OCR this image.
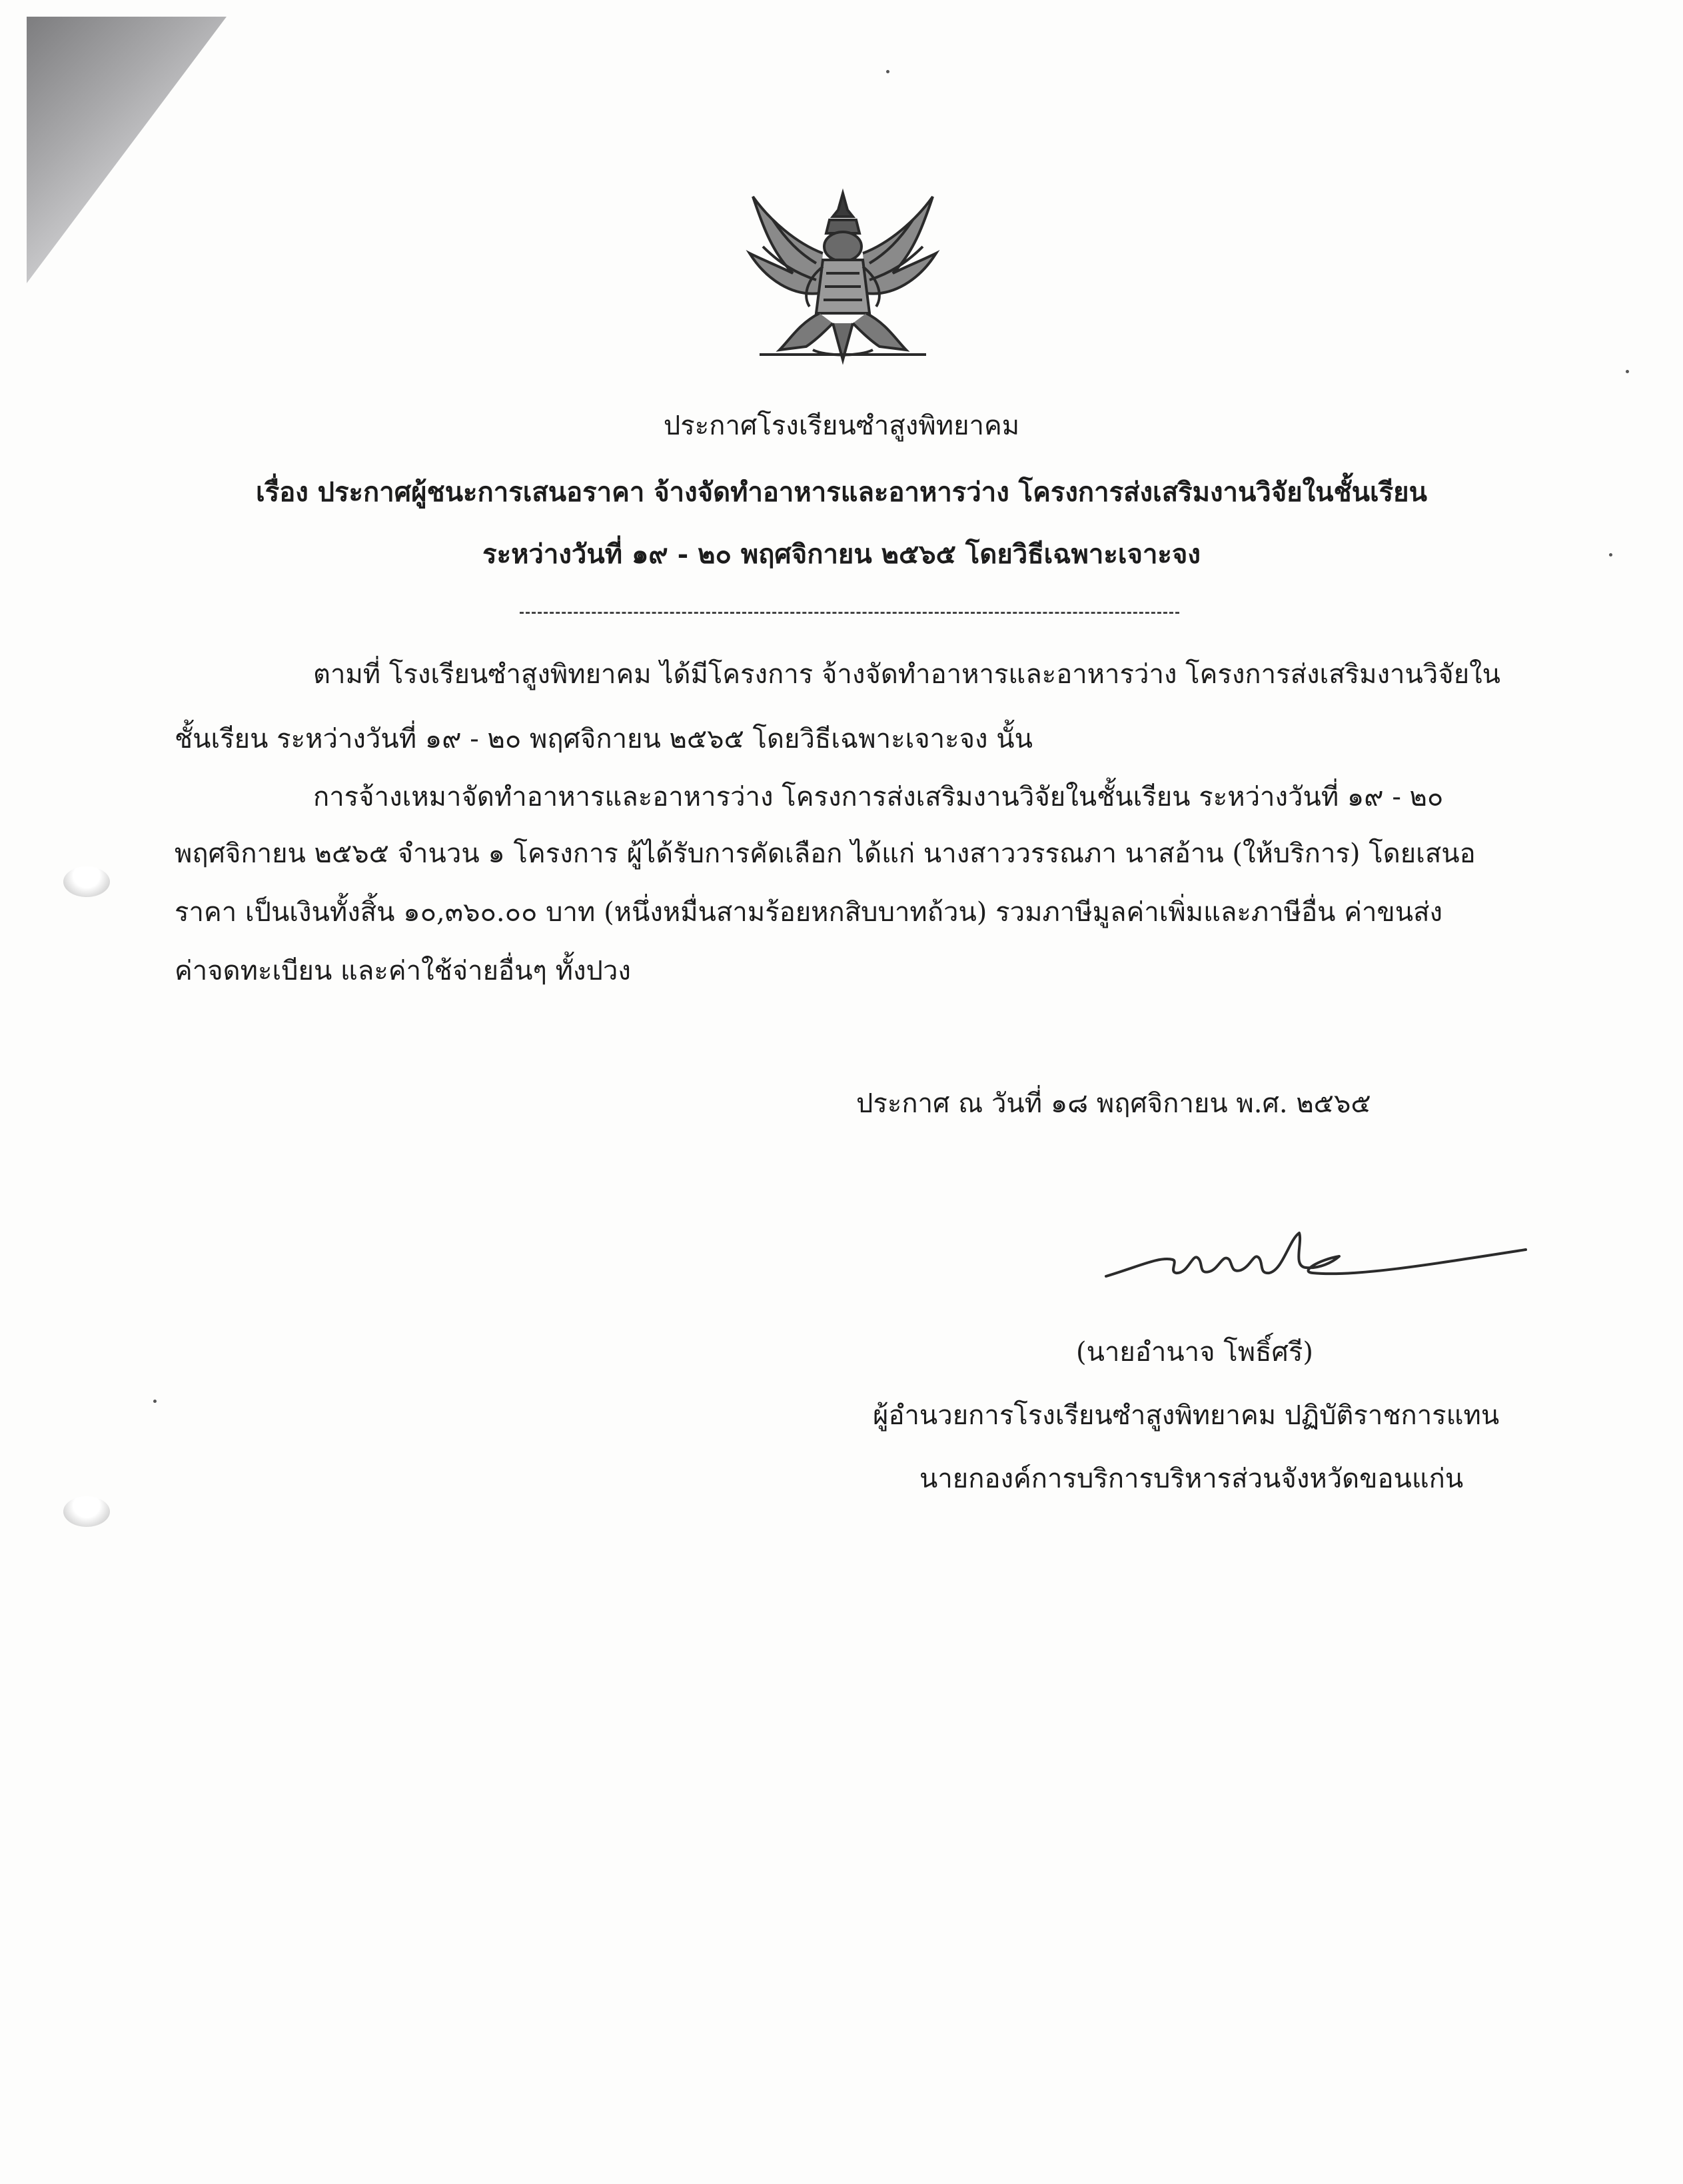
ประกาศโรงเรียนซำสูงพิทยาคม
เรื่อง ประกาศผู้ชนะการเสนอราคา จ้างจัดทำอาหารและอาหารว่าง โครงการส่งเสริมงานวิจัยในชั้นเรียน
ระหว่างวันที่ ๑๙ - ๒๐ พฤศจิกายน ๒๕๖๕ โดยวิธีเฉพาะเจาะจง
ตามที่ โรงเรียนซำสูงพิทยาคม ได้มีโครงการ จ้างจัดทำอาหารและอาหารว่าง โครงการส่งเสริมงานวิจัยใน
ชั้นเรียน ระหว่างวันที่ ๑๙ - ๒๐ พฤศจิกายน ๒๕๖๕ โดยวิธีเฉพาะเจาะจง นั้น
การจ้างเหมาจัดทำอาหารและอาหารว่าง โครงการส่งเสริมงานวิจัยในชั้นเรียน ระหว่างวันที่ ๑๙ - ๒๐
พฤศจิกายน ๒๕๖๕ จำนวน ๑ โครงการ ผู้ได้รับการคัดเลือก ได้แก่ นางสาววรรณภา นาสอ้าน (ให้บริการ) โดยเสนอ
ราคา เป็นเงินทั้งสิ้น ๑๐,๓๖๐.๐๐ บาท (หนึ่งหมื่นสามร้อยหกสิบบาทถ้วน) รวมภาษีมูลค่าเพิ่มและภาษีอื่น ค่าขนส่ง
ค่าจดทะเบียน และค่าใช้จ่ายอื่นๆ ทั้งปวง
ประกาศ ณ วันที่ ๑๘ พฤศจิกายน พ.ศ. ๒๕๖๕
(นายอำนาจ โพธิ์ศรี)
ผู้อำนวยการโรงเรียนซำสูงพิทยาคม ปฏิบัติราชการแทน
นายกองค์การบริการบริหารส่วนจังหวัดขอนแก่น
